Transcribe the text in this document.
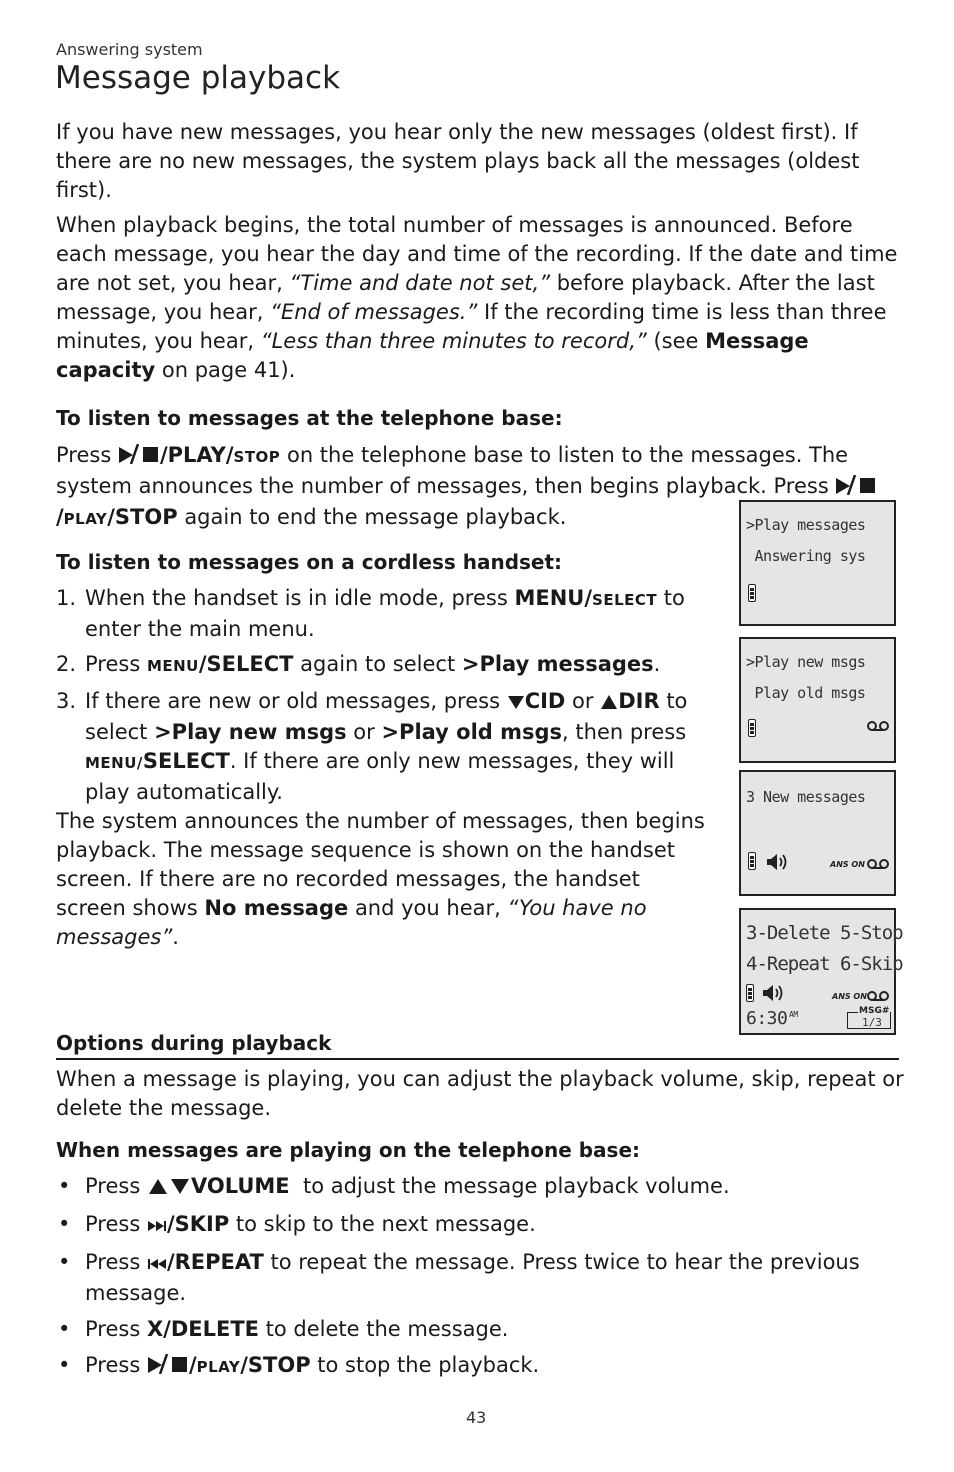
Answering system
Message playback
If you have new messages, you hear only the new messages (oldest first). If there are no new messages, the system plays back all the messages (oldest first).
When playback begins, the total number of messages is announced. Before each message, you hear the day and time of the recording. If the date and time are not set, you hear, “Time and date not set,” before playback. After the last message, you hear, “End of messages.” If the recording time is less than three minutes, you hear, “Less than three minutes to record,” (see Message capacity on page 41).
To listen to messages at the telephone base:
Press /PLAY/STOP on the telephone base to listen to the messages. The system announces the number of messages, then begins playback. Press /PLAY/STOP again to end the message playback.
To listen to messages on a cordless handset:
1. When the handset is in idle mode, press MENU/SELECT to enter the main menu.
2. Press MENU/SELECT again to select >Play messages.
3. If there are new or old messages, press CID or DIR to select >Play new msgs or >Play old msgs, then press MENU/SELECT. If there are only new messages, they will play automatically.
The system announces the number of messages, then begins playback. The message sequence is shown on the handset screen. If there are no recorded messages, the handset screen shows No message and you hear, “You have no messages”.
>Play messages
Answering sys
>Play new msgs
Play old msgs
3 New messages
ANS ON
3-Delete 5-Stop
4-Repeat 6-Skip
ANS ON
6:30 AM	MSG#
1/3
Options during playback
When a message is playing, you can adjust the playback volume, skip, repeat or delete the message.
When messages are playing on the telephone base:
• Press VOLUME  to adjust the message playback volume.
• Press /SKIP to skip to the next message.
• Press /REPEAT to repeat the message. Press twice to hear the previous message.
• Press X/DELETE to delete the message.
• Press /PLAY/STOP to stop the playback.
43
